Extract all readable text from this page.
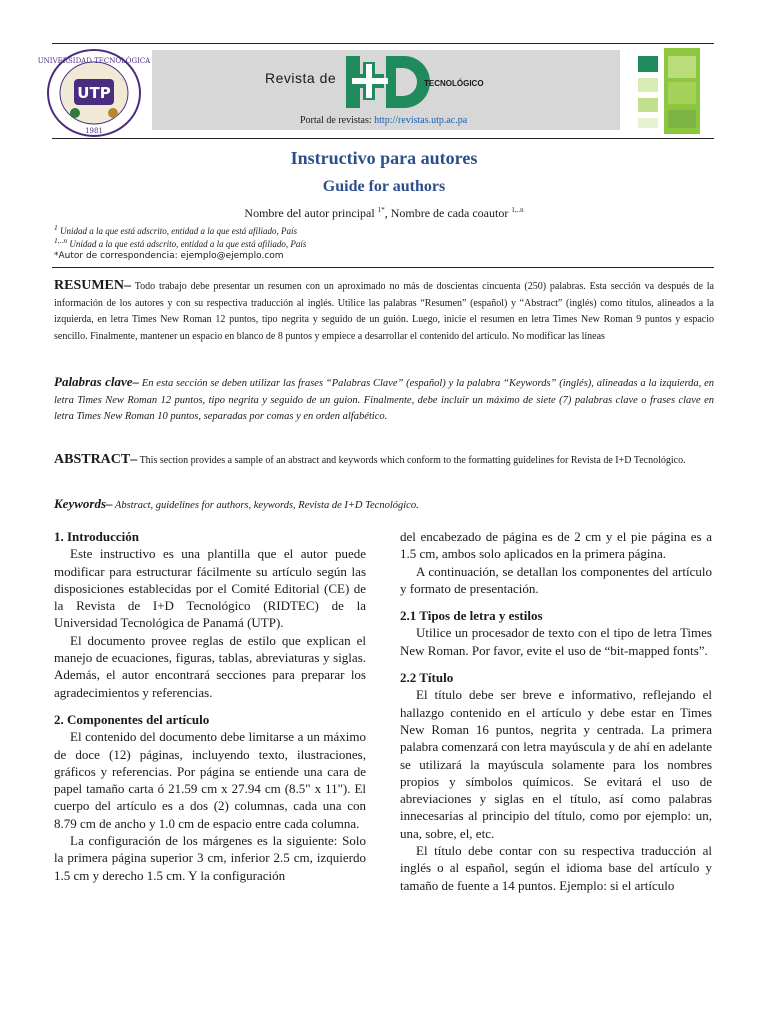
UNIVERSIDAD TECNOLÓGICA
1981
UTP
Revista de	TECNOLÓGICO
Portal de revistas: http://revistas.utp.ac.pa
Instructivo para autores
Guide for authors
Nombre del autor principal $^{1*}$, Nombre de cada coautor $^{1,..n}$
$^1$ Unidad a la que está adscrito, entidad a la que está afiliado, País
$^{1,..n}$ Unidad a la que está adscrito, entidad a la que está afiliado, País
*Autor de correspondencia: ejemplo@ejemplo.com
RESUMEN– Todo trabajo debe presentar un resumen con un aproximado no más de doscientas cincuenta (250) palabras. Esta sección va después de la información de los autores y con su respectiva traducción al inglés. Utilice las palabras “Resumen” (español) y “Abstract” (inglés) como títulos, alineados a la izquierda, en letra Times New Roman 12 puntos, tipo negrita y seguido de un guión. Luego, inicie el resumen en letra Times New Roman 9 puntos y espacio sencillo. Finalmente, mantener un espacio en blanco de 8 puntos y empiece a desarrollar el contenido del artículo. No modificar las líneas
Palabras clave– En esta sección se deben utilizar las frases “Palabras Clave” (español) y la palabra “Keywords” (inglés), alineadas a la izquierda, en letra Times New Roman 12 puntos, tipo negrita y seguido de un guion. Finalmente, debe incluir un máximo de siete (7) palabras clave o frases clave en letra Times New Roman 10 puntos, separadas por comas y en orden alfabético.
ABSTRACT– This section provides a sample of an abstract and keywords which conform to the formatting guidelines for Revista de I+D Tecnológico.
Keywords– Abstract, guidelines for authors, keywords, Revista de I+D Tecnológico.
1. Introducción

Este instructivo es una plantilla que el autor puede modificar para estructurar fácilmente su artículo según las disposiciones establecidas por el Comité Editorial (CE) de la Revista de I+D Tecnológico (RIDTEC) de la Universidad Tecnológica de Panamá (UTP).

El documento provee reglas de estilo que explican el manejo de ecuaciones, figuras, tablas, abreviaturas y siglas. Además, el autor encontrará secciones para preparar los agradecimientos y referencias.

2. Componentes del artículo

El contenido del documento debe limitarse a un máximo de doce (12) páginas, incluyendo texto, ilustraciones, gráficos y referencias. Por página se entiende una cara de papel tamaño carta ó 21.59 cm x 27.94 cm (8.5" x 11"). El cuerpo del artículo es a dos (2) columnas, cada una con 8.79 cm de ancho y 1.0 cm de espacio entre cada columna.

La configuración de los márgenes es la siguiente: Solo la primera página superior 3 cm, inferior 2.5 cm, izquierdo 1.5 cm y derecho 1.5 cm. Y la configuración

del encabezado de página es de 2 cm y el pie página es a 1.5 cm, ambos solo aplicados en la primera página.

A continuación, se detallan los componentes del artículo y formato de presentación.

2.1 Tipos de letra y estilos

Utilice un procesador de texto con el tipo de letra Times New Roman. Por favor, evite el uso de “bit-mapped fonts”.

2.2 Título

El título debe ser breve e informativo, reflejando el hallazgo contenido en el artículo y debe estar en Times New Roman 16 puntos, negrita y centrada. La primera palabra comenzará con letra mayúscula y de ahí en adelante se utilizará la mayúscula solamente para los nombres propios y símbolos químicos. Se evitará el uso de abreviaciones y siglas en el título, así como palabras innecesarias al principio del título, como por ejemplo: un, una, sobre, el, etc.

El título debe contar con su respectiva traducción al inglés o al español, según el idioma base del artículo y tamaño de fuente a 14 puntos. Ejemplo: si el artículo
